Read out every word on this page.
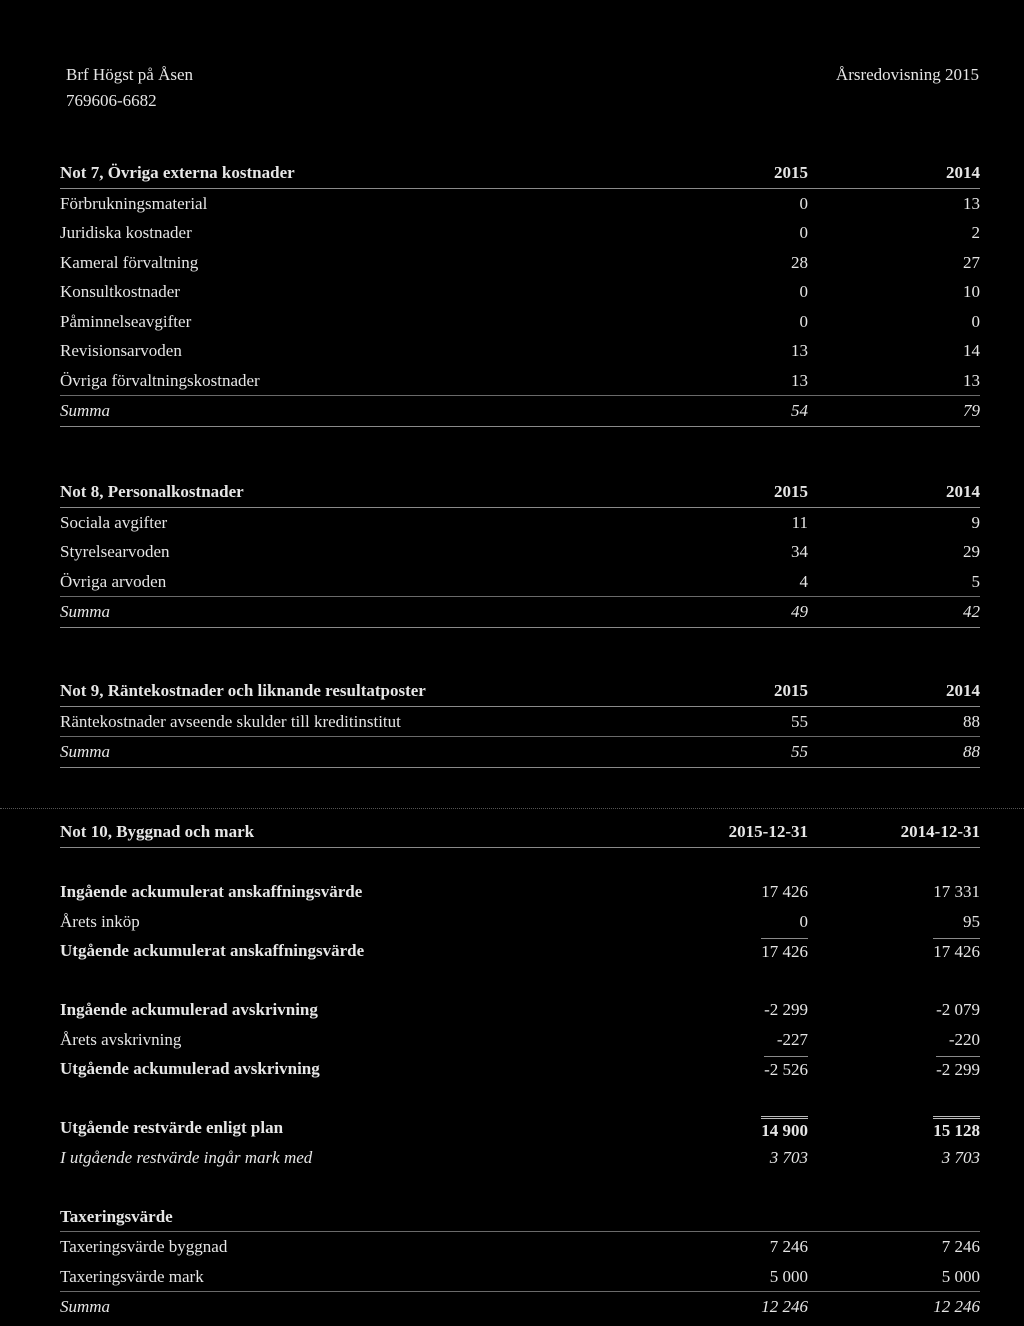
Brf Högst på Åsen
769606-6682
Årsredovisning 2015
Not 7, Övriga externa kostnader	2015	2014
Förbrukningsmaterial	0	13
Juridiska kostnader	0	2
Kameral förvaltning	28	27
Konsultkostnader	0	10
Påminnelseavgifter	0	0
Revisionsarvoden	13	14
Övriga förvaltningskostnader	13	13
Summa	54	79
Not 8, Personalkostnader	2015	2014
Sociala avgifter	11	9
Styrelsearvoden	34	29
Övriga arvoden	4	5
Summa	49	42
Not 9, Räntekostnader och liknande resultatposter	2015	2014
Räntekostnader avseende skulder till kreditinstitut	55	88
Summa	55	88
Not 10, Byggnad och mark	2015-12-31	2014-12-31
Ingående ackumulerat anskaffningsvärde	17 426	17 331
Årets inköp	0	95
Utgående ackumulerat anskaffningsvärde	17 426	17 426
Ingående ackumulerad avskrivning	-2 299	-2 079
Årets avskrivning	-227	-220
Utgående ackumulerad avskrivning	-2 526	-2 299
Utgående restvärde enligt plan	14 900	15 128
I utgående restvärde ingår mark med	3 703	3 703
Taxeringsvärde
Taxeringsvärde byggnad	7 246	7 246
Taxeringsvärde mark	5 000	5 000
Summa	12 246	12 246
